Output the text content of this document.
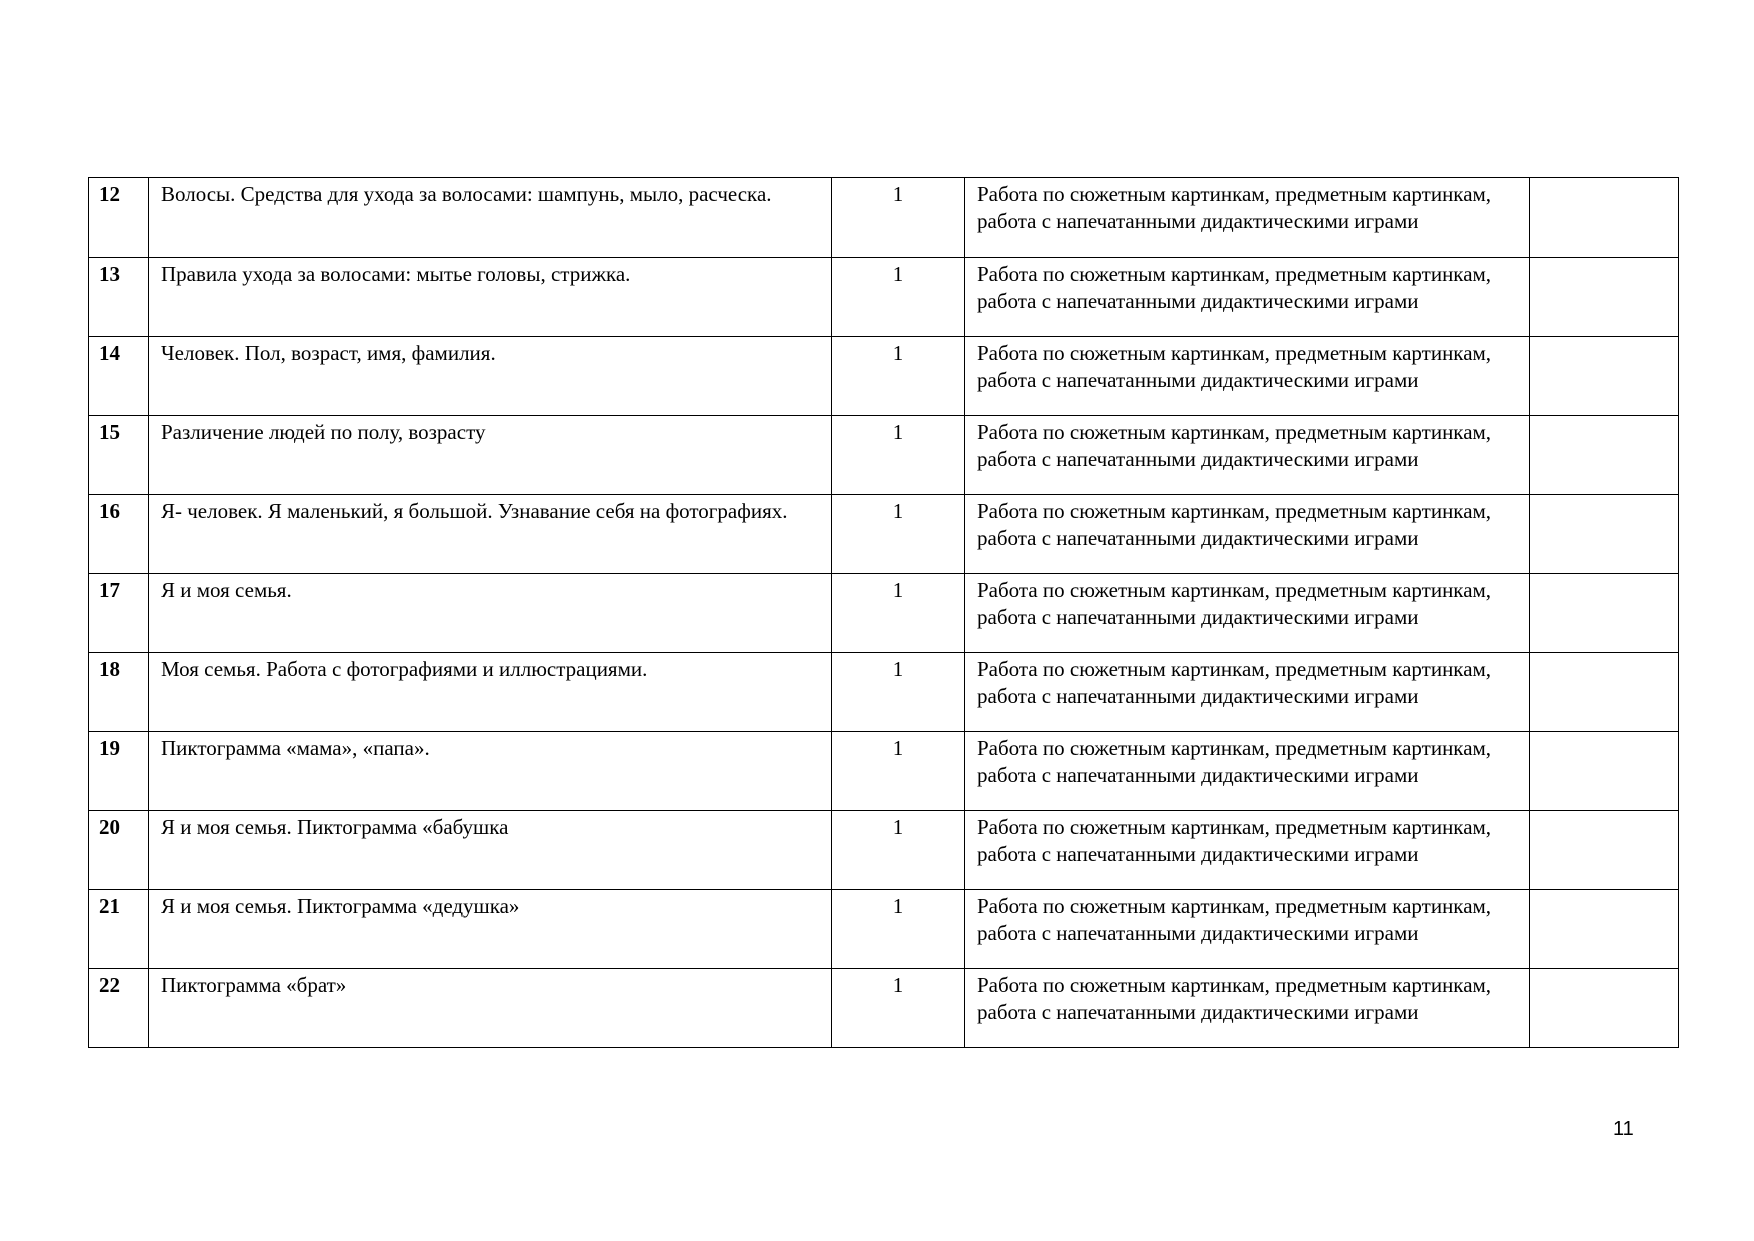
12	Волосы. Средства для ухода за волосами: шампунь, мыло, расческа.	1	Работа по сюжетным картинкам, предметным картинкам, работа с напечатанными дидактическими играми	
13	Правила ухода за волосами: мытье головы, стрижка.	1	Работа по сюжетным картинкам, предметным картинкам, работа с напечатанными дидактическими играми	
14	Человек. Пол, возраст, имя, фамилия.	1	Работа по сюжетным картинкам, предметным картинкам, работа с напечатанными дидактическими играми	
15	Различение людей по полу, возрасту	1	Работа по сюжетным картинкам, предметным картинкам, работа с напечатанными дидактическими играми	
16	Я- человек. Я маленький, я большой. Узнавание себя на фотографиях.	1	Работа по сюжетным картинкам, предметным картинкам, работа с напечатанными дидактическими играми	
17	Я и моя семья.	1	Работа по сюжетным картинкам, предметным картинкам, работа с напечатанными дидактическими играми	
18	Моя семья. Работа с фотографиями и иллюстрациями.	1	Работа по сюжетным картинкам, предметным картинкам, работа с напечатанными дидактическими играми	
19	Пиктограмма «мама», «папа».	1	Работа по сюжетным картинкам, предметным картинкам, работа с напечатанными дидактическими играми	
20	Я и моя семья. Пиктограмма «бабушка	1	Работа по сюжетным картинкам, предметным картинкам, работа с напечатанными дидактическими играми	
21	Я и моя семья. Пиктограмма «дедушка»	1	Работа по сюжетным картинкам, предметным картинкам, работа с напечатанными дидактическими играми	
22	Пиктограмма «брат»	1	Работа по сюжетным картинкам, предметным картинкам, работа с напечатанными дидактическими играми	
11
